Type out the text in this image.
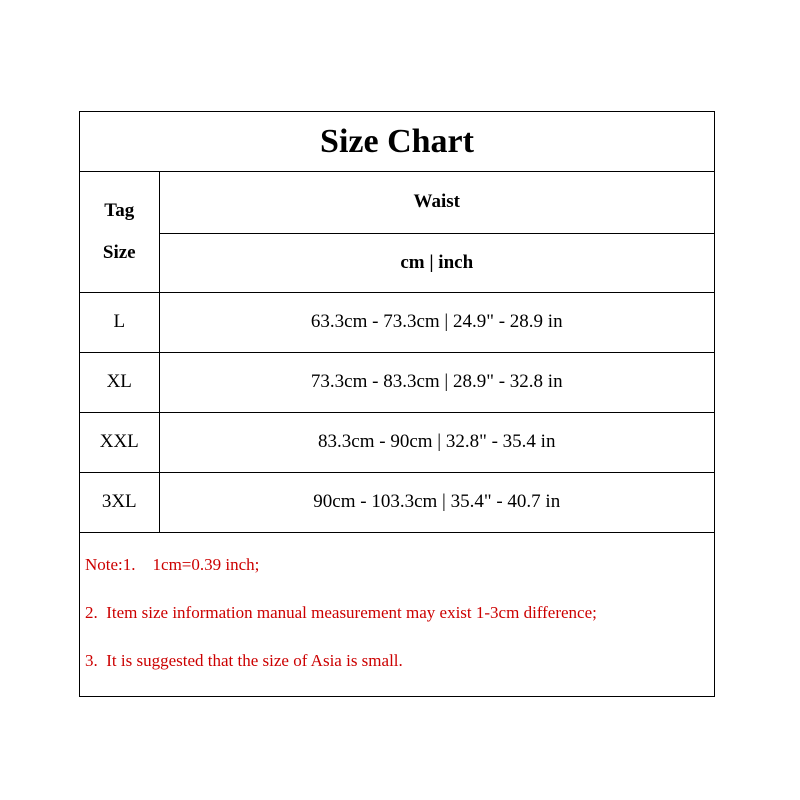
Size Chart
Tag
Size	Waist
	cm | inch
L	63.3cm - 73.3cm | 24.9" - 28.9 in
XL	73.3cm - 83.3cm | 28.9" - 32.8 in
XXL	83.3cm - 90cm | 32.8" - 35.4 in
3XL	90cm - 103.3cm | 35.4" - 40.7 in
Note:1.    1cm=0.39 inch;
2.  Item size information manual measurement may exist 1-3cm difference;
3.  It is suggested that the size of Asia is small.
